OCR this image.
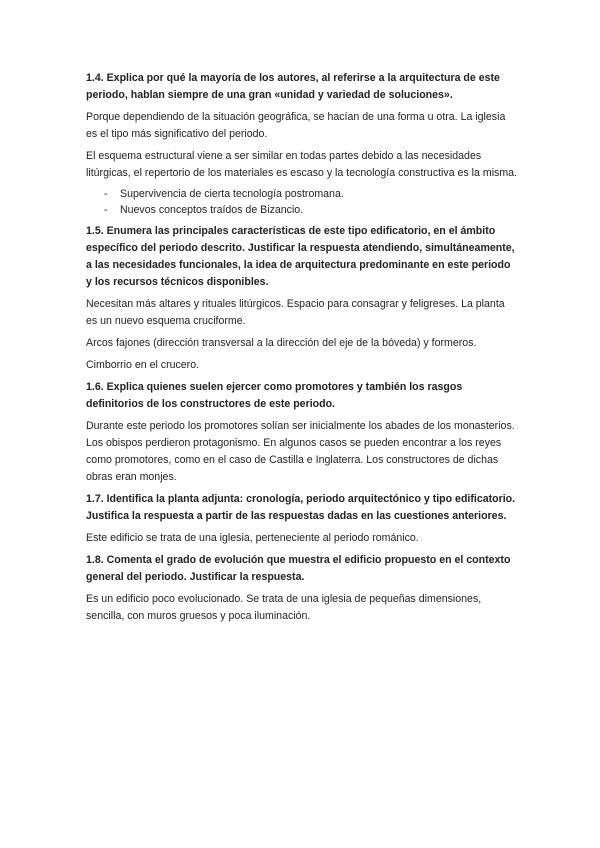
1.4. Explica por qué la mayoría de los autores, al referirse a la arquitectura de este periodo, hablan siempre de una gran «unidad y variedad de soluciones».

Porque dependiendo de la situación geográfica, se hacían de una forma u otra. La iglesia es el tipo más significativo del periodo.

El esquema estructural viene a ser similar en todas partes debido a las necesidades litúrgicas, el repertorio de los materiales es escaso y la tecnología constructiva es la misma.

- Supervivencia de cierta tecnología postromana.
- Nuevos conceptos traídos de Bizancio.

1.5. Enumera las principales características de este tipo edificatorio, en el ámbito específico del periodo descrito. Justificar la respuesta atendiendo, simultáneamente, a las necesidades funcionales, la idea de arquitectura predominante en este periodo y los recursos técnicos disponibles.

Necesitan más altares y rituales litúrgicos. Espacio para consagrar y feligreses. La planta es un nuevo esquema cruciforme.

Arcos fajones (dirección transversal a la dirección del eje de la bóveda) y formeros.

Cimborrio en el crucero.

1.6. Explica quienes suelen ejercer como promotores y también los rasgos definitorios de los constructores de este periodo.

Durante este periodo los promotores solían ser inicialmente los abades de los monasterios. Los obispos perdieron protagonismo. En algunos casos se pueden encontrar a los reyes como promotores, como en el caso de Castilla e Inglaterra. Los constructores de dichas obras eran monjes.

1.7. Identifica la planta adjunta: cronología, periodo arquitectónico y tipo edificatorio. Justifica la respuesta a partir de las respuestas dadas en las cuestiones anteriores.

Este edificio se trata de una iglesia, perteneciente al periodo románico.

1.8. Comenta el grado de evolución que muestra el edificio propuesto en el contexto general del periodo. Justificar la respuesta.

Es un edificio poco evolucionado. Se trata de una iglesia de pequeñas dimensiones, sencilla, con muros gruesos y poca iluminación.
